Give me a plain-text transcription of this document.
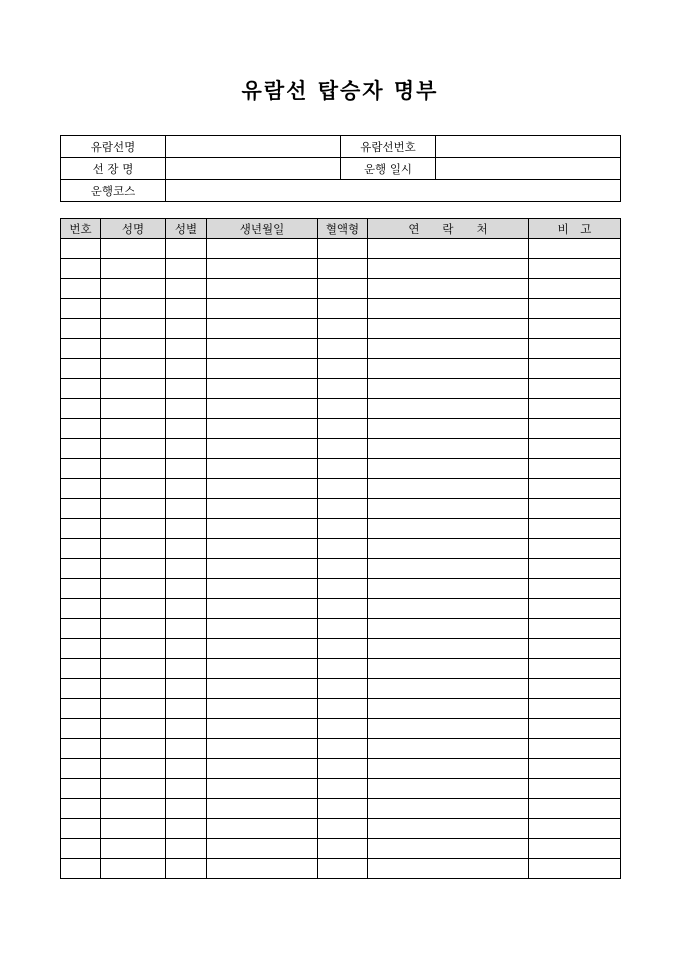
유람선 탑승자 명부
유람선명		유람선번호	
선 장 명		운행 일시	
운행코스			
번호	성명	성별	생년월일	혈액형	연　　락　　처	비　고
